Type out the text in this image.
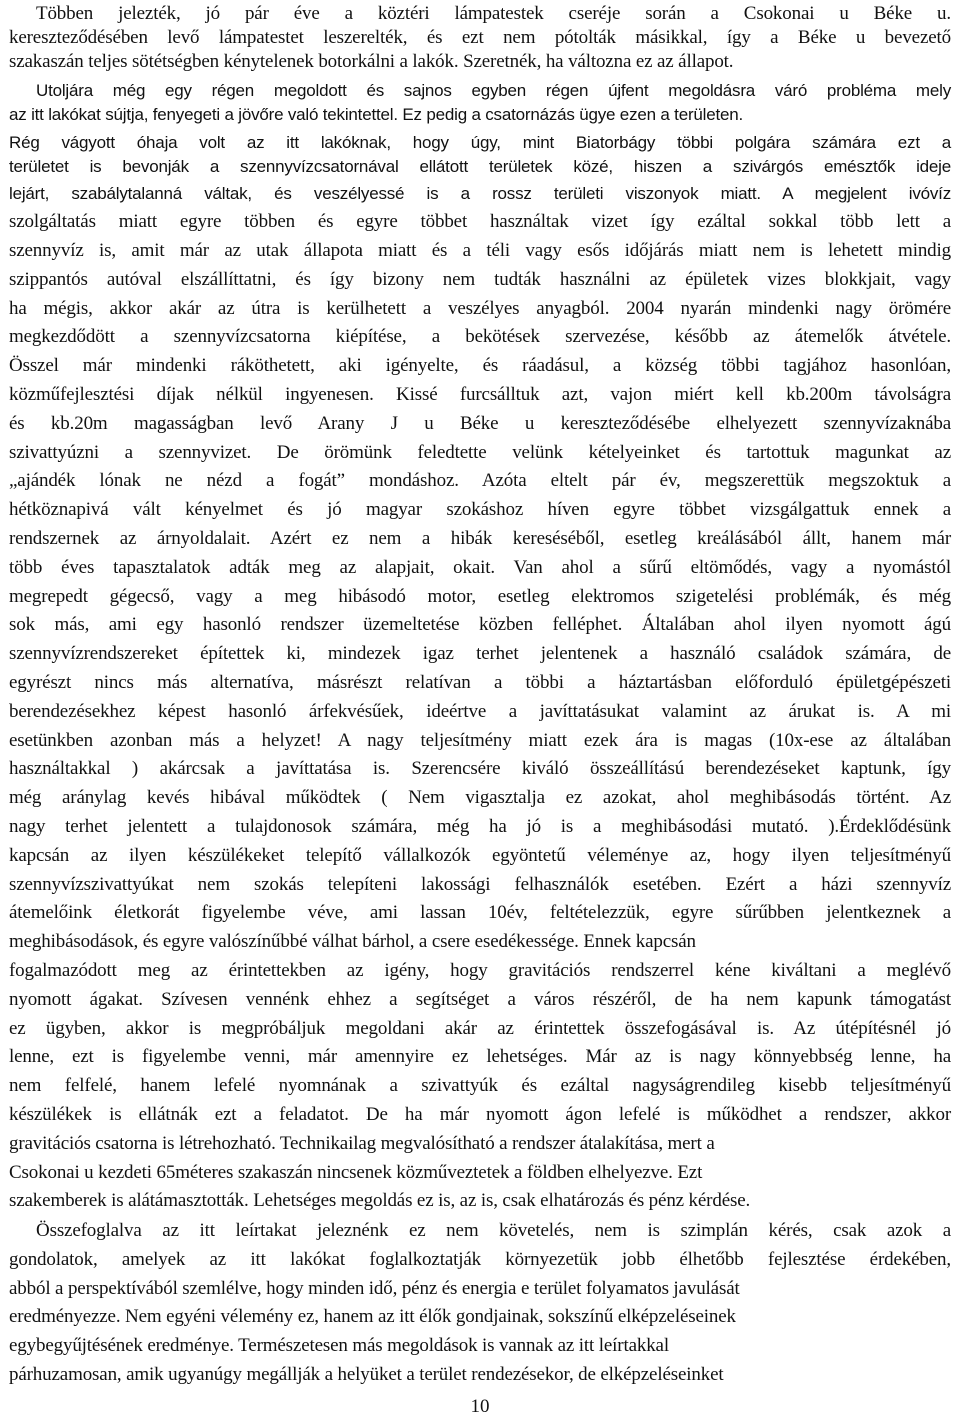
Többen jelezték, jó pár éve a köztéri lámpatestek cseréje során a Csokonai u Béke u.
kereszteződésében levő lámpatestet leszerelték, és ezt nem pótolták másikkal, így a Béke u bevezető
szakaszán teljes sötétségben kénytelenek botorkálni a lakók. Szeretnék, ha változna ez az állapot.
Utoljára még egy régen megoldott és sajnos egyben régen újfent megoldásra váró probléma mely
az itt lakókat sújtja, fenyegeti a jövőre való tekintettel. Ez pedig a csatornázás ügye ezen a területen.
Rég vágyott óhaja volt az itt lakóknak, hogy úgy, mint Biatorbágy többi polgára számára ezt a
területet is bevonják a szennyvízcsatornával ellátott területek közé, hiszen a szivárgós emésztők ideje
lejárt, szabálytalanná váltak, és veszélyessé is a rossz területi viszonyok miatt. A megjelent ivóvíz
szolgáltatás miatt egyre többen és egyre többet használtak vizet így ezáltal sokkal több lett a
szennyvíz is, amit már az utak állapota miatt és a téli vagy esős időjárás miatt nem is lehetett mindig
szippantós autóval elszállíttatni, és így bizony nem tudták használni az épületek vizes blokkjait, vagy
ha mégis, akkor akár az útra is kerülhetett a veszélyes anyagból. 2004 nyarán mindenki nagy örömére
megkezdődött a szennyvízcsatorna kiépítése, a bekötések szervezése, később az átemelők átvétele.
Összel már mindenki ráköthetett, aki igényelte, és ráadásul, a község többi tagjához hasonlóan,
közműfejlesztési díjak nélkül ingyenesen. Kissé furcsálltuk azt, vajon miért kell kb.200m távolságra
és kb.20m magasságban levő Arany J u Béke u kereszteződésébe elhelyezett szennyvízaknába
szivattyúzni a szennyvizet. De örömünk feledtette velünk kételyeinket és tartottuk magunkat az
„ajándék lónak ne nézd a fogát” mondáshoz. Azóta eltelt pár év, megszerettük megszoktuk a
hétköznapivá vált kényelmet és jó magyar szokáshoz híven egyre többet vizsgálgattuk ennek a
rendszernek az árnyoldalait. Azért ez nem a hibák kereséséből, esetleg kreálásából állt, hanem már
több éves tapasztalatok adták meg az alapjait, okait. Van ahol a sűrű eltömődés, vagy a nyomástól
megrepedt gégecső, vagy a meg hibásodó motor, esetleg elektromos szigetelési problémák, és még
sok más, ami egy hasonló rendszer üzemeltetése közben felléphet. Általában ahol ilyen nyomott ágú
szennyvízrendszereket építettek ki, mindezek igaz terhet jelentenek a használó családok számára, de
egyrészt nincs más alternatíva, másrészt relatívan a többi a háztartásban előforduló épületgépészeti
berendezésekhez képest hasonló árfekvésűek, ideértve a javíttatásukat valamint az árukat is. A mi
esetünkben azonban más a helyzet! A nagy teljesítmény miatt ezek ára is magas (10x-ese az általában
használtakkal ) akárcsak a javíttatása is. Szerencsére kiváló összeállítású berendezéseket kaptunk, így
még aránylag kevés hibával működtek ( Nem vigasztalja ez azokat, ahol meghibásodás történt. Az
nagy terhet jelentett a tulajdonosok számára, még ha jó is a meghibásodási mutató. ).Érdeklődésünk
kapcsán az ilyen készülékeket telepítő vállalkozók egyöntetű véleménye az, hogy ilyen teljesítményű
szennyvízszivattyúkat nem szokás telepíteni lakossági felhasználók esetében. Ezért a házi szennyvíz
átemelőink életkorát figyelembe véve, ami lassan 10év, feltételezzük, egyre sűrűbben jelentkeznek a
meghibásodások, és egyre valószínűbbé válhat bárhol, a csere esedékessége. Ennek kapcsán
fogalmazódott meg az érintettekben az igény, hogy gravitációs rendszerrel kéne kiváltani a meglévő
nyomott ágakat. Szívesen vennénk ehhez a segítséget a város részéről, de ha nem kapunk támogatást
ez ügyben, akkor is megpróbáljuk megoldani akár az érintettek összefogásával is. Az útépítésnél jó
lenne, ezt is figyelembe venni, már amennyire ez lehetséges. Már az is nagy könnyebbség lenne, ha
nem felfelé, hanem lefelé nyomnának a szivattyúk és ezáltal nagyságrendileg kisebb teljesítményű
készülékek is ellátnák ezt a feladatot. De ha már nyomott ágon lefelé is működhet a rendszer, akkor
gravitációs csatorna is létrehozható. Technikailag megvalósítható a rendszer átalakítása, mert a
Csokonai u kezdeti 65méteres szakaszán nincsenek közműveztetek a földben elhelyezve. Ezt
szakemberek is alátámasztották. Lehetséges megoldás ez is, az is, csak elhatározás és pénz kérdése.
Összefoglalva az itt leírtakat jeleznénk ez nem követelés, nem is szimplán kérés, csak azok a
gondolatok, amelyek az itt lakókat foglalkoztatják környezetük jobb élhetőbb fejlesztése érdekében,
abból a perspektívából szemlélve, hogy minden idő, pénz és energia e terület folyamatos javulását
eredményezze. Nem egyéni vélemény ez, hanem az itt élők gondjainak, sokszínű elképzeléseinek
egybegyűjtésének eredménye. Természetesen más megoldások is vannak az itt leírtakkal
párhuzamosan, amik ugyanúgy megállják a helyüket a terület rendezésekor, de elképzeléseinket
10
